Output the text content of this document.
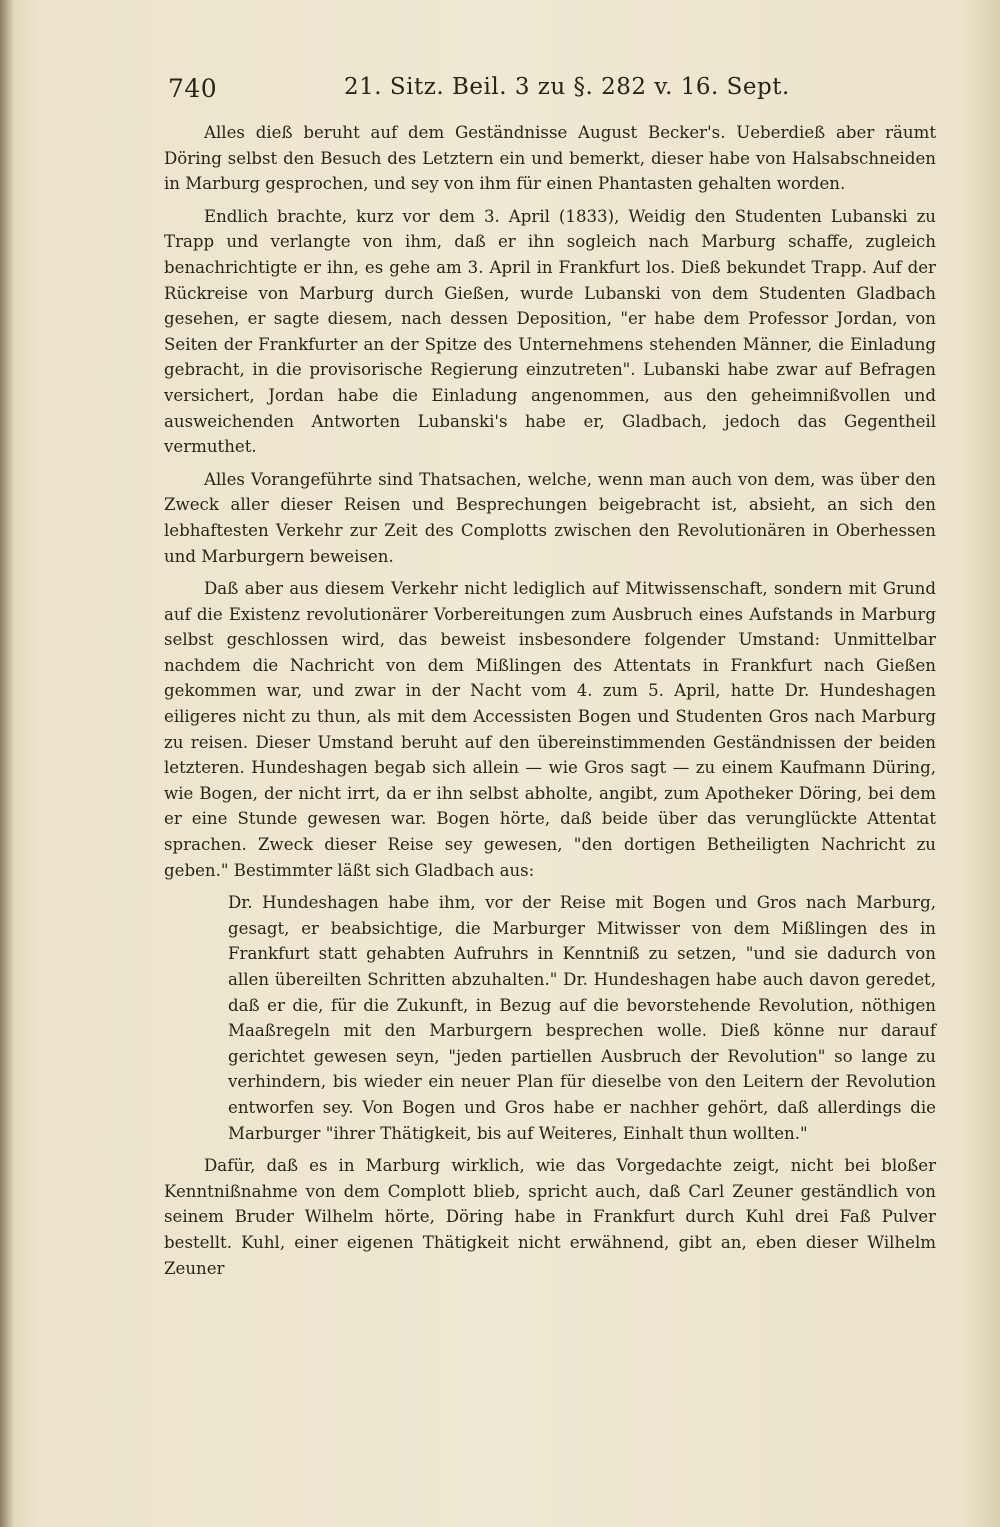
740	21. Sitz. Beil. 3 zu §. 282 v. 16. Sept.

Alles dieß beruht auf dem Geständnisse August Becker's. Ueberdieß aber räumt Döring selbst den Besuch des Letztern ein und bemerkt, dieser habe von Halsabschneiden in Marburg gesprochen, und sey von ihm für einen Phantasten gehalten worden.

Endlich brachte, kurz vor dem 3. April (1833), Weidig den Studenten Lubanski zu Trapp und verlangte von ihm, daß er ihn sogleich nach Marburg schaffe, zugleich benachrichtigte er ihn, es gehe am 3. April in Frankfurt los. Dieß bekundet Trapp. Auf der Rückreise von Marburg durch Gießen, wurde Lubanski von dem Studenten Gladbach gesehen, er sagte diesem, nach dessen Deposition, "er habe dem Professor Jordan, von Seiten der Frankfurter an der Spitze des Unternehmens stehenden Männer, die Einladung gebracht, in die provisorische Regierung einzutreten". Lubanski habe zwar auf Befragen versichert, Jordan habe die Einladung angenommen, aus den geheimnißvollen und ausweichenden Antworten Lubanski's habe er, Gladbach, jedoch das Gegentheil vermuthet.

Alles Vorangeführte sind Thatsachen, welche, wenn man auch von dem, was über den Zweck aller dieser Reisen und Besprechungen beigebracht ist, absieht, an sich den lebhaftesten Verkehr zur Zeit des Complotts zwischen den Revolutionären in Oberhessen und Marburgern beweisen.

Daß aber aus diesem Verkehr nicht lediglich auf Mitwissenschaft, sondern mit Grund auf die Existenz revolutionärer Vorbereitungen zum Ausbruch eines Aufstands in Marburg selbst geschlossen wird, das beweist insbesondere folgender Umstand: Unmittelbar nachdem die Nachricht von dem Mißlingen des Attentats in Frankfurt nach Gießen gekommen war, und zwar in der Nacht vom 4. zum 5. April, hatte Dr. Hundeshagen eiligeres nicht zu thun, als mit dem Accessisten Bogen und Studenten Gros nach Marburg zu reisen. Dieser Umstand beruht auf den übereinstimmenden Geständnissen der beiden letzteren. Hundeshagen begab sich allein — wie Gros sagt — zu einem Kaufmann Düring, wie Bogen, der nicht irrt, da er ihn selbst abholte, angibt, zum Apotheker Döring, bei dem er eine Stunde gewesen war. Bogen hörte, daß beide über das verunglückte Attentat sprachen. Zweck dieser Reise sey gewesen, "den dortigen Betheiligten Nachricht zu geben." Bestimmter läßt sich Gladbach aus:

Dr. Hundeshagen habe ihm, vor der Reise mit Bogen und Gros nach Marburg, gesagt, er beabsichtige, die Marburger Mitwisser von dem Mißlingen des in Frankfurt statt gehabten Aufruhrs in Kenntniß zu setzen, "und sie dadurch von allen übereilten Schritten abzuhalten." Dr. Hundeshagen habe auch davon geredet, daß er die, für die Zukunft, in Bezug auf die bevorstehende Revolution, nöthigen Maaßregeln mit den Marburgern besprechen wolle. Dieß könne nur darauf gerichtet gewesen seyn, "jeden partiellen Ausbruch der Revolution" so lange zu verhindern, bis wieder ein neuer Plan für dieselbe von den Leitern der Revolution entworfen sey. Von Bogen und Gros habe er nachher gehört, daß allerdings die Marburger "ihrer Thätigkeit, bis auf Weiteres, Einhalt thun wollten."

Dafür, daß es in Marburg wirklich, wie das Vorgedachte zeigt, nicht bei bloßer Kenntnißnahme von dem Complott blieb, spricht auch, daß Carl Zeuner geständlich von seinem Bruder Wilhelm hörte, Döring habe in Frankfurt durch Kuhl drei Faß Pulver bestellt. Kuhl, einer eigenen Thätigkeit nicht erwähnend, gibt an, eben dieser Wilhelm Zeuner
